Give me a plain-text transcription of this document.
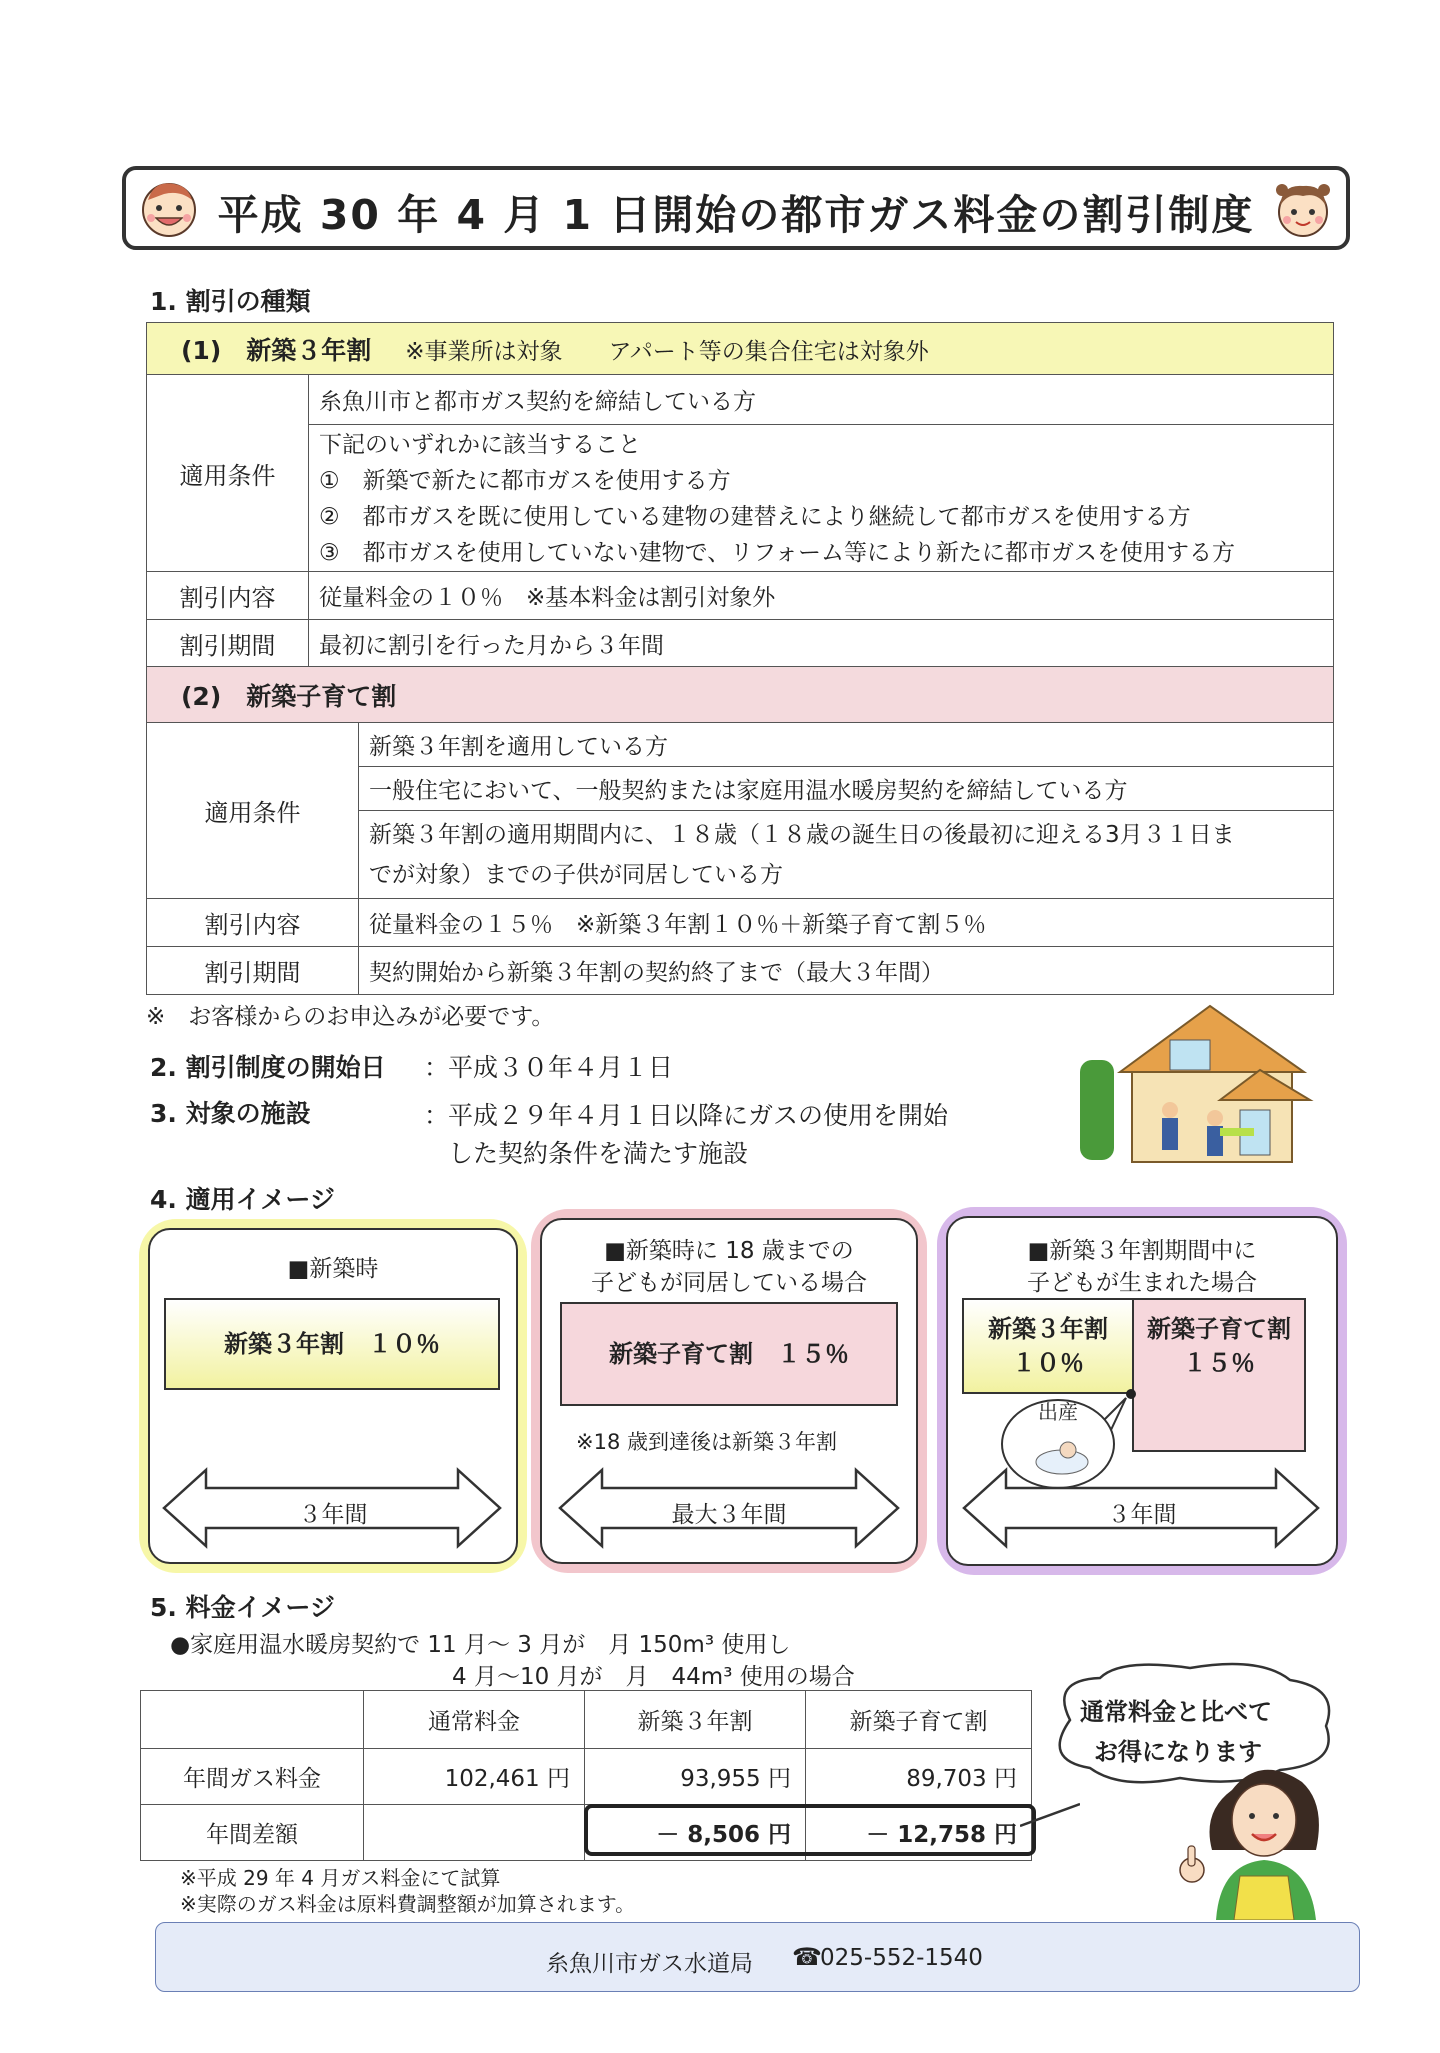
平成 30 年 4 月 1 日開始の都市ガス料金の割引制度
1. 割引の種類
(1)　新築３年割 ※事業所は対象　　アパート等の集合住宅は対象外	
適用条件	糸魚川市と都市ガス契約を締結している方

	下記のいずれかに該当すること
①　新築で新たに都市ガスを使用する方
②　都市ガスを既に使用している建物の建替えにより継続して都市ガスを使用する方
③　都市ガスを使用していない建物で、リフォーム等により新たに都市ガスを使用する方

割引内容	従量料金の１０％　※基本料金は割引対象外
割引期間	最初に割引を行った月から３年間
(2)　新築子育て割	
適用条件	新築３年割を適用している方
	一般住宅において、一般契約または家庭用温水暖房契約を締結している方

	新築３年割の適用期間内に、１８歳（１８歳の誕生日の後最初に迎える3月３１日ま
でが対象）までの子供が同居している方

割引内容	従量料金の１５％　※新築３年割１０％＋新築子育て割５％
割引期間	契約開始から新築３年割の契約終了まで（最大３年間）
※　お客様からのお申込みが必要です。
2. 割引制度の開始日 ：
平成３０年４月１日
3. 対象の施設	：
平成２９年４月１日以降にガスの使用を開始
した契約条件を満たす施設
4. 適用イメージ
■新築時
新築３年割　１０％
３年間
■新築時に 18 歳までの
子どもが同居している場合
新築子育て割　１５％
※18 歳到達後は新築３年割
最大３年間
■新築３年割期間中に
子どもが生まれた場合
新築３年割
１０％
新築子育て割
１５％
出産
３年間
5. 料金イメージ
●家庭用温水暖房契約で 11 月～ 3 月が　月 150m³ 使用し
4 月～10 月が　月　44m³ 使用の場合
	通常料金	新築３年割	新築子育て割
年間ガス料金	102,461 円	93,955 円	89,703 円
年間差額		－ 8,506 円	－ 12,758 円
通常料金と比べて
お得になります
※平成 29 年 4 月ガス料金にて試算
※実際のガス料金は原料費調整額が加算されます。
糸魚川市ガス水道局 ☎
025-552-1540
